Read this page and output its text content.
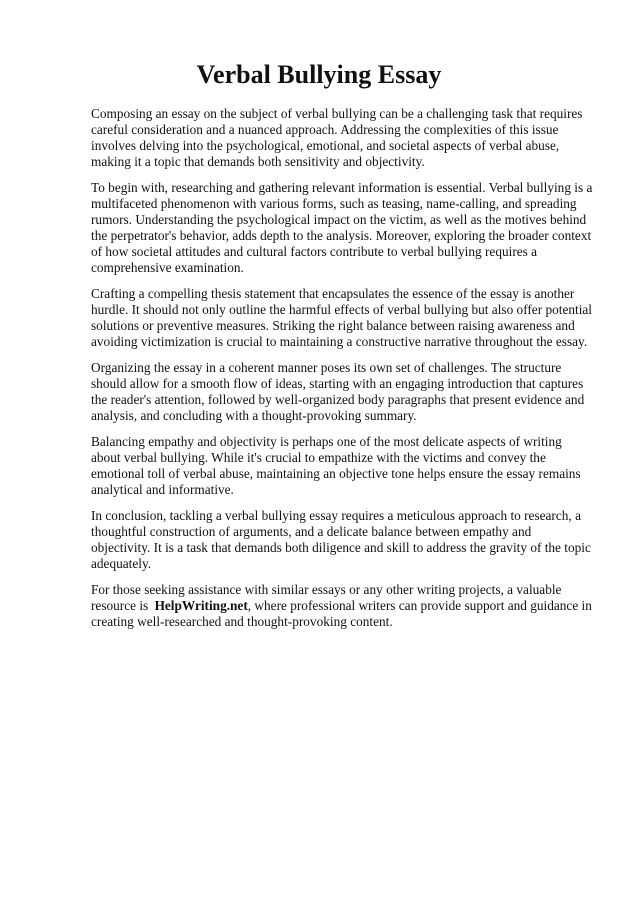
Verbal Bullying Essay

Composing an essay on the subject of verbal bullying can be a challenging task that requires careful consideration and a nuanced approach. Addressing the complexities of this issue involves delving into the psychological, emotional, and societal aspects of verbal abuse, making it a topic that demands both sensitivity and objectivity.

To begin with, researching and gathering relevant information is essential. Verbal bullying is a multifaceted phenomenon with various forms, such as teasing, name-calling, and spreading rumors. Understanding the psychological impact on the victim, as well as the motives behind the perpetrator's behavior, adds depth to the analysis. Moreover, exploring the broader context of how societal attitudes and cultural factors contribute to verbal bullying requires a comprehensive examination.

Crafting a compelling thesis statement that encapsulates the essence of the essay is another hurdle. It should not only outline the harmful effects of verbal bullying but also offer potential solutions or preventive measures. Striking the right balance between raising awareness and avoiding victimization is crucial to maintaining a constructive narrative throughout the essay.

Organizing the essay in a coherent manner poses its own set of challenges. The structure should allow for a smooth flow of ideas, starting with an engaging introduction that captures the reader's attention, followed by well-organized body paragraphs that present evidence and analysis, and concluding with a thought-provoking summary.

Balancing empathy and objectivity is perhaps one of the most delicate aspects of writing about verbal bullying. While it's crucial to empathize with the victims and convey the emotional toll of verbal abuse, maintaining an objective tone helps ensure the essay remains analytical and informative.

In conclusion, tackling a verbal bullying essay requires a meticulous approach to research, a thoughtful construction of arguments, and a delicate balance between empathy and objectivity. It is a task that demands both diligence and skill to address the gravity of the topic adequately.

For those seeking assistance with similar essays or any other writing projects, a valuable resource is HelpWriting.net, where professional writers can provide support and guidance in creating well-researched and thought-provoking content.
